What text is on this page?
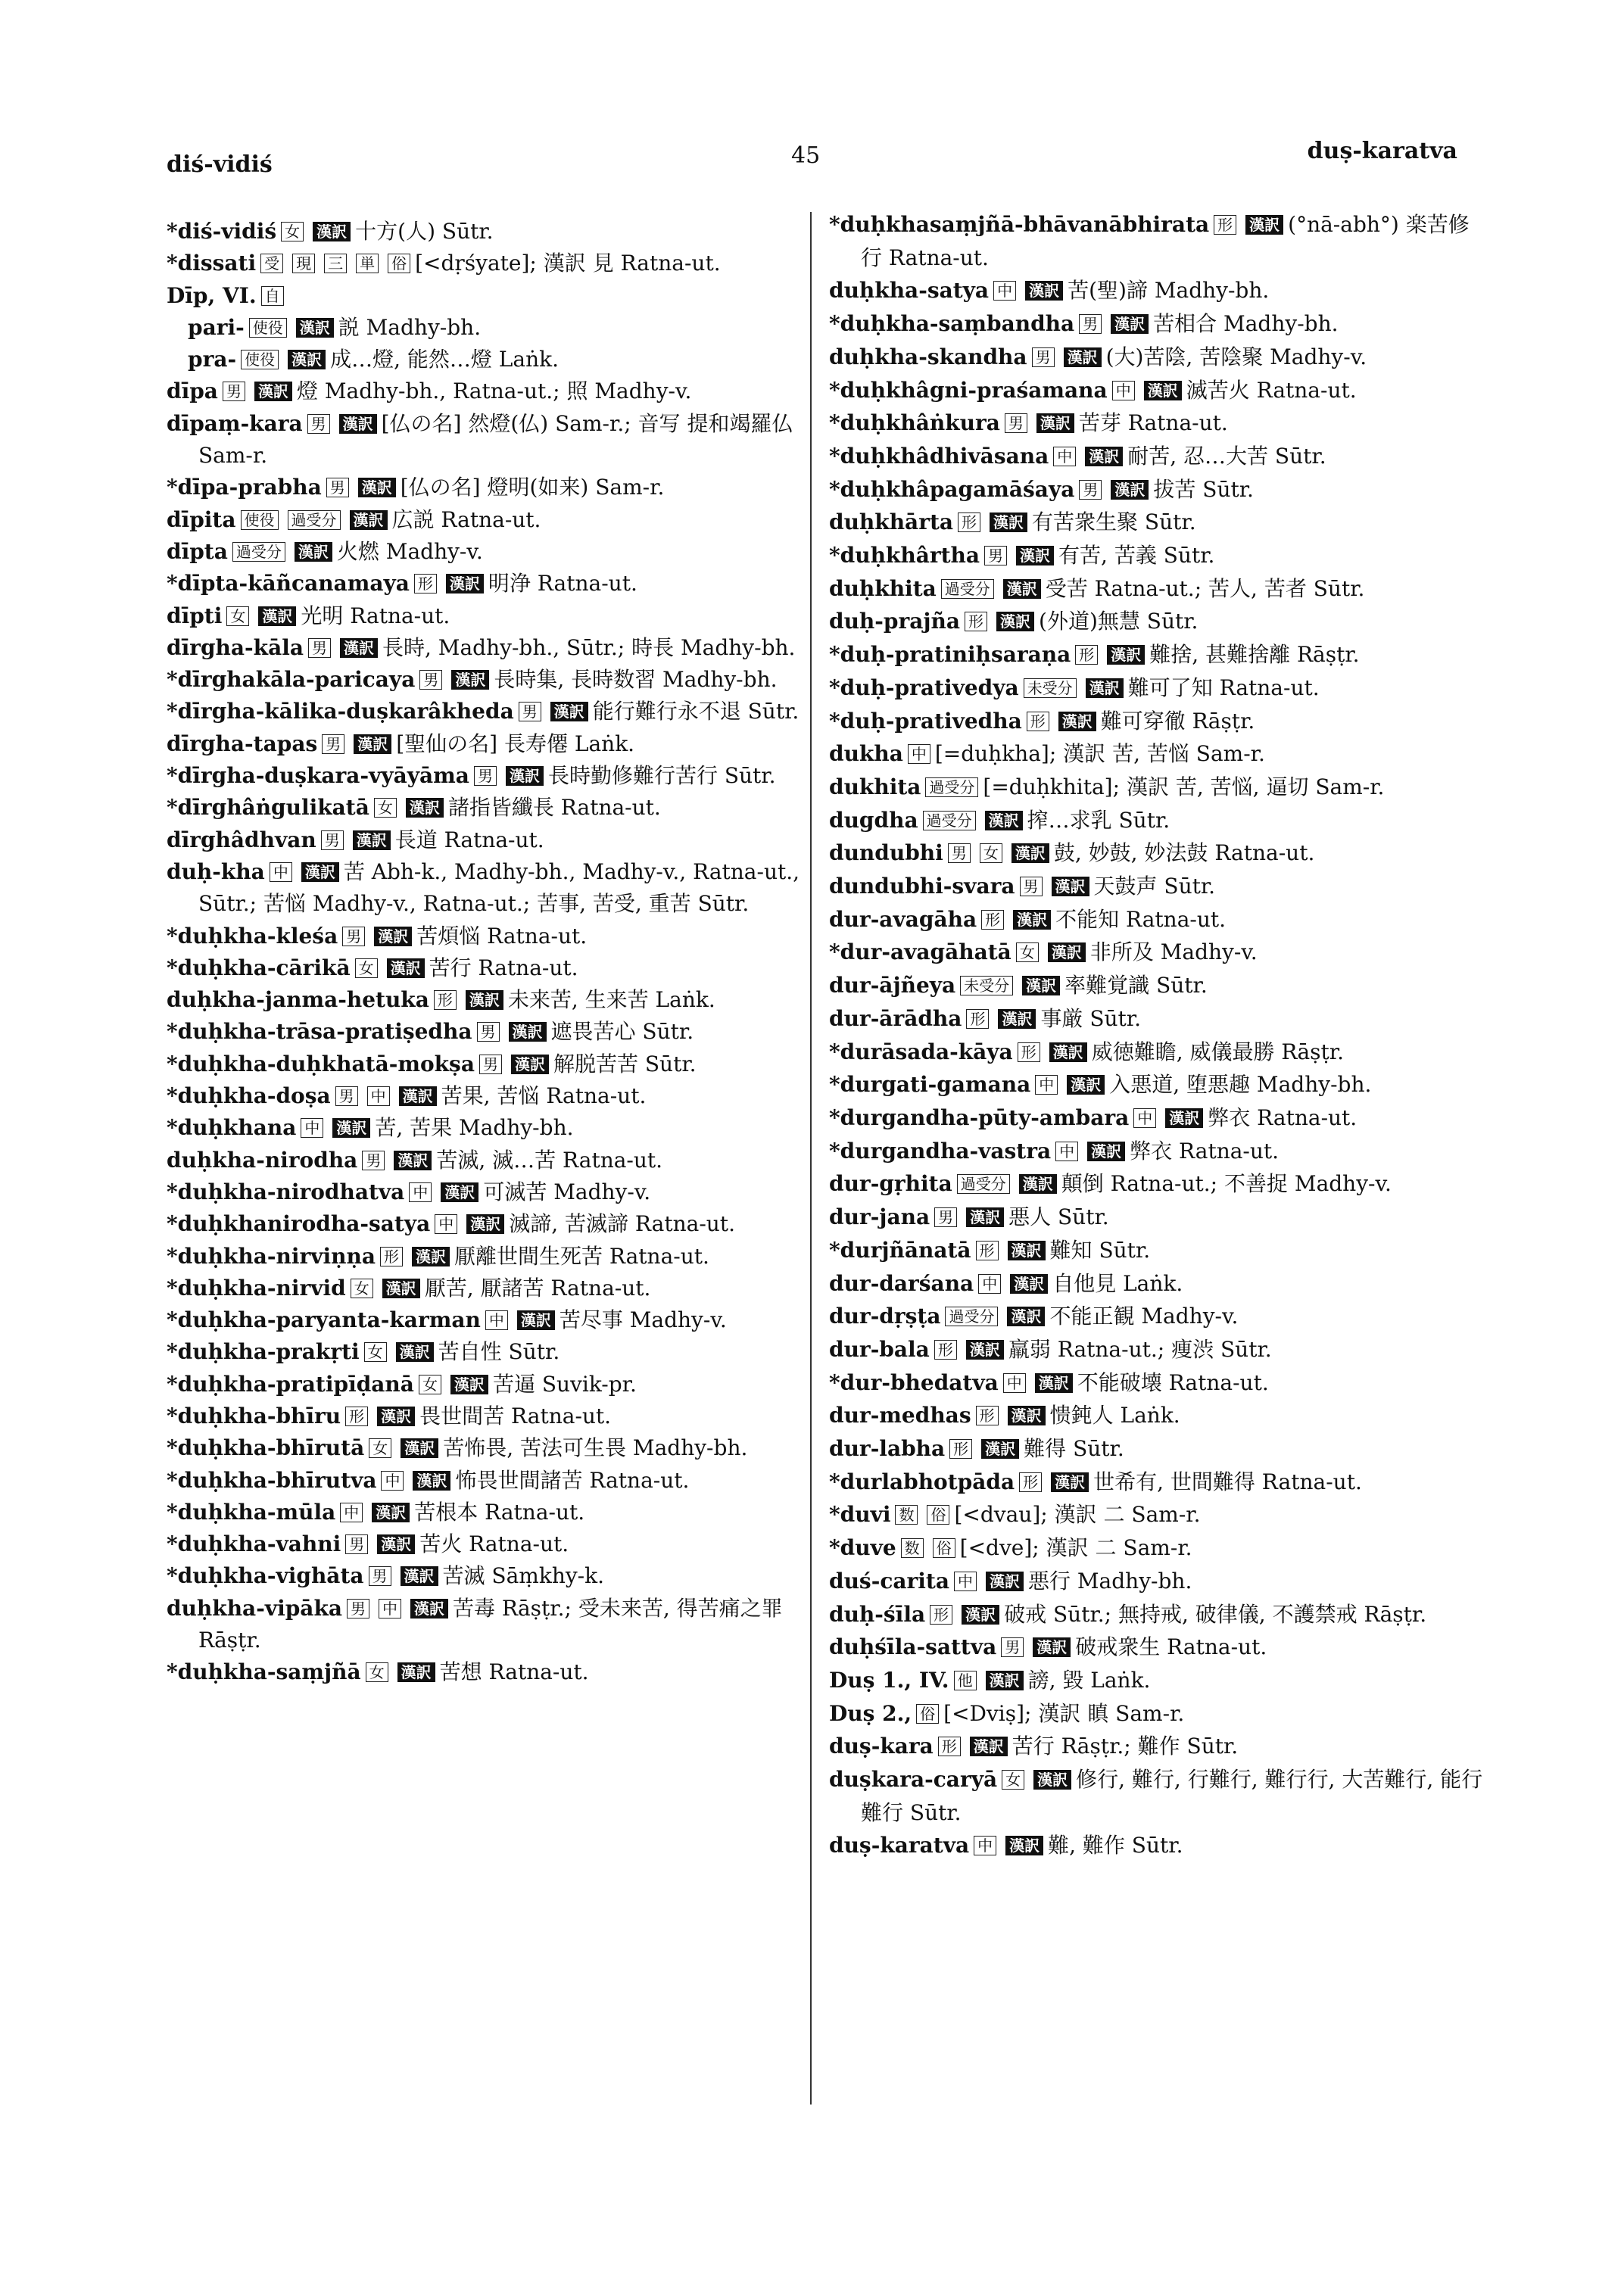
diś-vidiś	45	duṣ-karatva

*diś-vidiś 女 漢訳 十方(人) Sūtr.

*dissati 受 現 三 単 俗 [<dṛśyate]; 漢訳 見 Ratna-ut.

Dīp, VI. 自

pari- 使役 漢訳 説 Madhy-bh.

pra- 使役 漢訳 成…燈, 能然…燈 Laṅk.

dīpa 男 漢訳 燈 Madhy-bh., Ratna-ut.; 照 Madhy-v.

dīpaṃ-kara 男 漢訳 [仏の名] 然燈(仏) Sam-r.; 音写 提和竭羅仏 Sam-r.

*dīpa-prabha 男 漢訳 [仏の名] 燈明(如来) Sam-r.

dīpita 使役 過受分 漢訳 広説 Ratna-ut.

dīpta 過受分 漢訳 火燃 Madhy-v.

*dīpta-kāñcanamaya 形 漢訳 明浄 Ratna-ut.

dīpti 女 漢訳 光明 Ratna-ut.

dīrgha-kāla 男 漢訳 長時, Madhy-bh., Sūtr.; 時長 Madhy-bh.

*dīrghakāla-paricaya 男 漢訳 長時集, 長時数習 Madhy-bh.

*dīrgha-kālika-duṣkarâkheda 男 漢訳 能行難行永不退 Sūtr.

dīrgha-tapas 男 漢訳 [聖仙の名] 長寿僊 Laṅk.

*dīrgha-duṣkara-vyāyāma 男 漢訳 長時勤修難行苦行 Sūtr.

*dīrghâṅgulikatā 女 漢訳 諸指皆纖長 Ratna-ut.

dīrghâdhvan 男 漢訳 長道 Ratna-ut.

duḥ-kha 中 漢訳 苦 Abh-k., Madhy-bh., Madhy-v., Ratna-ut., Sūtr.; 苦悩 Madhy-v., Ratna-ut.; 苦事, 苦受, 重苦 Sūtr.

*duḥkha-kleśa 男 漢訳 苦煩悩 Ratna-ut.

*duḥkha-cārikā 女 漢訳 苦行 Ratna-ut.

duḥkha-janma-hetuka 形 漢訳 未来苦, 生来苦 Laṅk.

*duḥkha-trāsa-pratiṣedha 男 漢訳 遮畏苦心 Sūtr.

*duḥkha-duḥkhatā-mokṣa 男 漢訳 解脱苦苦 Sūtr.

*duḥkha-doṣa 男 中 漢訳 苦果, 苦悩 Ratna-ut.

*duḥkhana 中 漢訳 苦, 苦果 Madhy-bh.

duḥkha-nirodha 男 漢訳 苦滅, 滅…苦 Ratna-ut.

*duḥkha-nirodhatva 中 漢訳 可滅苦 Madhy-v.

*duḥkhanirodha-satya 中 漢訳 滅諦, 苦滅諦 Ratna-ut.

*duḥkha-nirviṇṇa 形 漢訳 厭離世間生死苦 Ratna-ut.

*duḥkha-nirvid 女 漢訳 厭苦, 厭諸苦 Ratna-ut.

*duḥkha-paryanta-karman 中 漢訳 苦尽事 Madhy-v.

*duḥkha-prakṛti 女 漢訳 苦自性 Sūtr.

*duḥkha-pratipīḍanā 女 漢訳 苦逼 Suvik-pr.

*duḥkha-bhīru 形 漢訳 畏世間苦 Ratna-ut.

*duḥkha-bhīrutā 女 漢訳 苦怖畏, 苦法可生畏 Madhy-bh.

*duḥkha-bhīrutva 中 漢訳 怖畏世間諸苦 Ratna-ut.

*duḥkha-mūla 中 漢訳 苦根本 Ratna-ut.

*duḥkha-vahni 男 漢訳 苦火 Ratna-ut.

*duḥkha-vighāta 男 漢訳 苦滅 Sāṃkhy-k.

duḥkha-vipāka 男 中 漢訳 苦毒 Rāṣṭr.; 受未来苦, 得苦痛之罪 Rāṣṭr.

*duḥkha-saṃjñā 女 漢訳 苦想 Ratna-ut.

*duḥkhasaṃjñā-bhāvanābhirata 形 漢訳 (°nā-abh°) 楽苦修行 Ratna-ut.

duḥkha-satya 中 漢訳 苦(聖)諦 Madhy-bh.

*duḥkha-saṃbandha 男 漢訳 苦相合 Madhy-bh.

duḥkha-skandha 男 漢訳 (大)苦陰, 苦陰聚 Madhy-v.

*duḥkhâgni-praśamana 中 漢訳 滅苦火 Ratna-ut.

*duḥkhâṅkura 男 漢訳 苦芽 Ratna-ut.

*duḥkhâdhivāsana 中 漢訳 耐苦, 忍…大苦 Sūtr.

*duḥkhâpagamāśaya 男 漢訳 拔苦 Sūtr.

duḥkhārta 形 漢訳 有苦衆生聚 Sūtr.

*duḥkhârtha 男 漢訳 有苦, 苦義 Sūtr.

duḥkhita 過受分 漢訳 受苦 Ratna-ut.; 苦人, 苦者 Sūtr.

duḥ-prajña 形 漢訳 (外道)無慧 Sūtr.

*duḥ-pratiniḥsaraṇa 形 漢訳 難捨, 甚難捨離 Rāṣṭr.

*duḥ-prativedya 未受分 漢訳 難可了知 Ratna-ut.

*duḥ-prativedha 形 漢訳 難可穿徹 Rāṣṭr.

dukha 中 [=duḥkha]; 漢訳 苦, 苦悩 Sam-r.

dukhita 過受分 [=duḥkhita]; 漢訳 苦, 苦悩, 逼切 Sam-r.

dugdha 過受分 漢訳 搾…求乳 Sūtr.

dundubhi 男 女 漢訳 鼓, 妙鼓, 妙法鼓 Ratna-ut.

dundubhi-svara 男 漢訳 天鼓声 Sūtr.

dur-avagāha 形 漢訳 不能知 Ratna-ut.

*dur-avagāhatā 女 漢訳 非所及 Madhy-v.

dur-ājñeya 未受分 漢訳 率難覚識 Sūtr.

dur-ārādha 形 漢訳 事厳 Sūtr.

*durāsada-kāya 形 漢訳 威徳難瞻, 威儀最勝 Rāṣṭr.

*durgati-gamana 中 漢訳 入悪道, 堕悪趣 Madhy-bh.

*durgandha-pūty-ambara 中 漢訳 弊衣 Ratna-ut.

*durgandha-vastra 中 漢訳 弊衣 Ratna-ut.

dur-gṛhita 過受分 漢訳 顛倒 Ratna-ut.; 不善捉 Madhy-v.

dur-jana 男 漢訳 悪人 Sūtr.

*durjñānatā 形 漢訳 難知 Sūtr.

dur-darśana 中 漢訳 自他見 Laṅk.

dur-dṛṣṭa 過受分 漢訳 不能正観 Madhy-v.

dur-bala 形 漢訳 羸弱 Ratna-ut.; 痩渋 Sūtr.

*dur-bhedatva 中 漢訳 不能破壊 Ratna-ut.

dur-medhas 形 漢訳 愦鈍人 Laṅk.

dur-labha 形 漢訳 難得 Sūtr.

*durlabhotpāda 形 漢訳 世希有, 世間難得 Ratna-ut.

*duvi 数 俗 [<dvau]; 漢訳 二 Sam-r.

*duve 数 俗 [<dve]; 漢訳 二 Sam-r.

duś-carita 中 漢訳 悪行 Madhy-bh.

duḥ-śīla 形 漢訳 破戒 Sūtr.; 無持戒, 破律儀, 不護禁戒 Rāṣṭr.

duḥśīla-sattva 男 漢訳 破戒衆生 Ratna-ut.

Duṣ 1., IV. 他 漢訳 謗, 毀 Laṅk.

Duṣ 2., 俗 [<Dviṣ]; 漢訳 瞋 Sam-r.

duṣ-kara 形 漢訳 苦行 Rāṣṭr.; 難作 Sūtr.

duṣkara-caryā 女 漢訳 修行, 難行, 行難行, 難行行, 大苦難行, 能行難行 Sūtr.

duṣ-karatva 中 漢訳 難, 難作 Sūtr.
